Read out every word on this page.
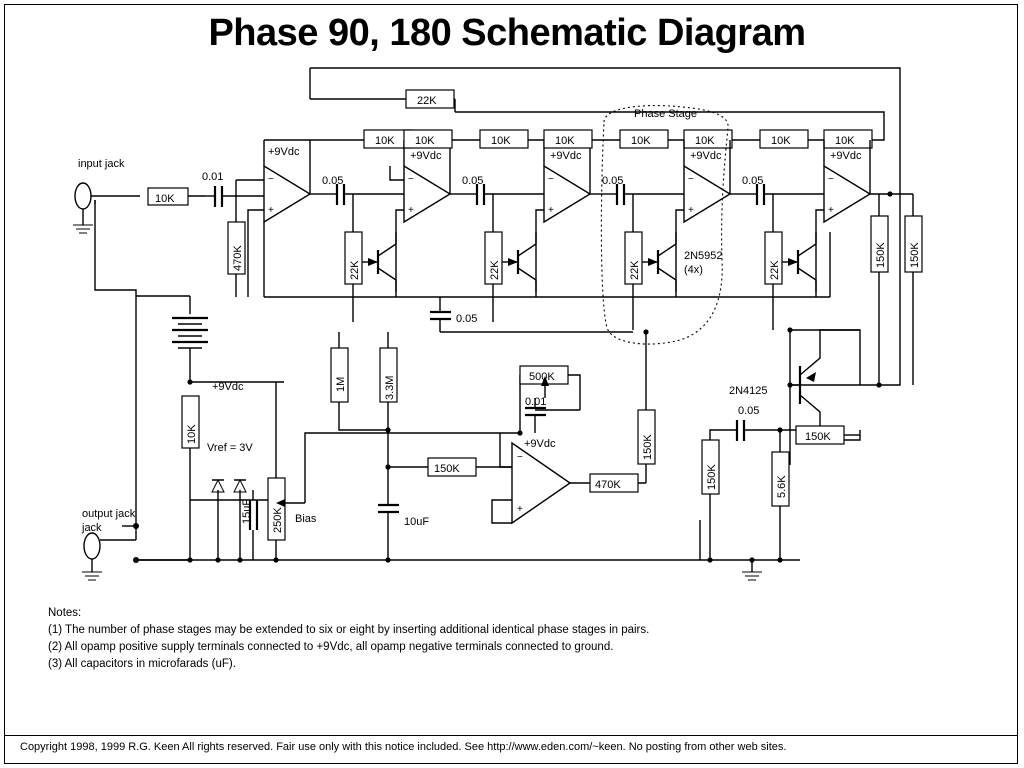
Phase 90, 180 Schematic Diagram
−
+
−
+
−
+
−
+
−
+
−
+
input jack
output jack
jack
10K
0.01
470K
+9Vdc	+9Vdc	+9Vdc	+9Vdc	+9Vdc
22K
10K 10K	10K	10K	10K	10K	10K	10K
0.05	0.05	0.05	0.05
22K	22K	22K	22K
Phase Stage
2N5952
(4x)
150K 150K
0.05
+9Vdc
10K
Vref = 3V
15uF 250K Bias
1M	3.3M
10uF
500K
0.01
+9Vdc
150K
470K
150K
2N4125
0.05
150K
150K
5.6K
Notes:
(1) The number of phase stages may be extended to six or eight by inserting additional identical phase stages in pairs.
(2) All opamp positive supply terminals connected to +9Vdc, all opamp negative terminals connected to ground.
(3) All capacitors in microfarads (uF).
Copyright 1998, 1999 R.G. Keen All rights reserved. Fair use only with this notice included. See http://www.eden.com/~keen. No posting from other web sites.
